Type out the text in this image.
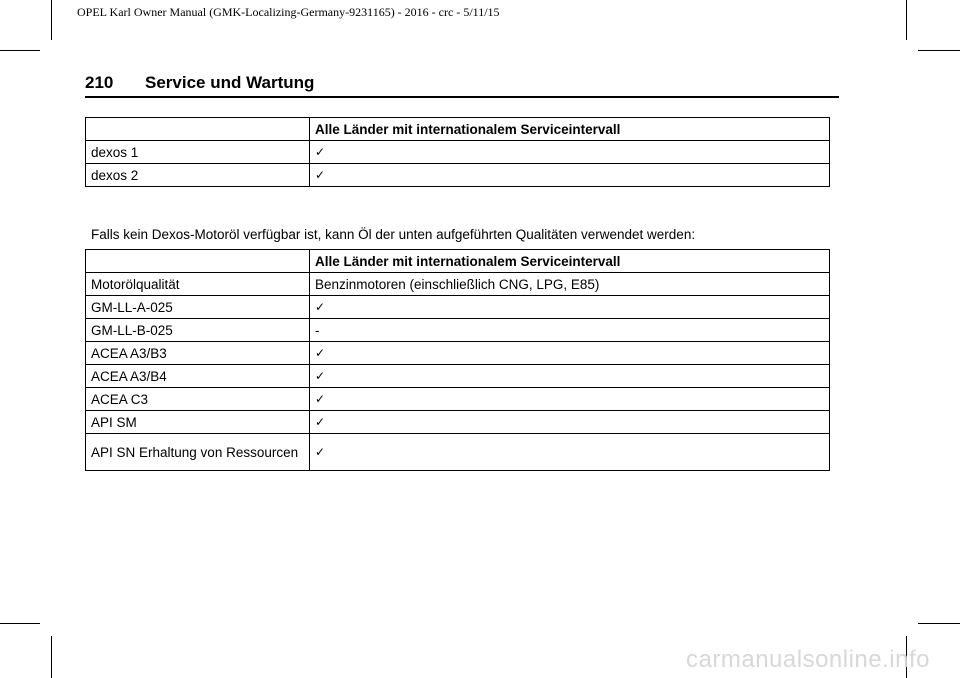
OPEL Karl Owner Manual (GMK-Localizing-Germany-9231165) - 2016 - crc - 5/11/15
210 Service und Wartung
	Alle Länder mit internationalem Serviceintervall
dexos 1	✓
dexos 2	✓
Falls kein Dexos-Motoröl verfügbar ist, kann Öl der unten aufgeführten Qualitäten verwendet werden:
	Alle Länder mit internationalem Serviceintervall
Motorölqualität	Benzinmotoren (einschließlich CNG, LPG, E85)
GM-LL-A-025	✓
GM-LL-B-025	-
ACEA A3/B3	✓
ACEA A3/B4	✓
ACEA C3	✓
API SM	✓
API SN Erhaltung von Ressourcen	✓
carmanualsonline.info
